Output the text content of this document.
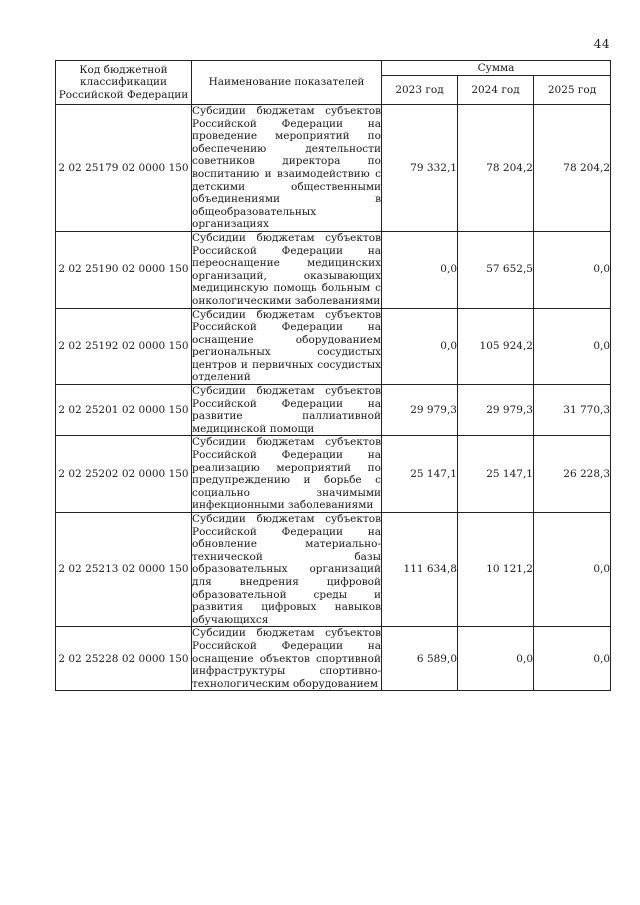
44
Код бюджетной классификации Российской Федерации	Наименование показателей	Сумма		
		2023 год	2024 год	2025 год
2 02 25179 02 0000 150	Субсидии бюджетам субъектов Российской Федерации на проведение мероприятий по обеспечению деятельности советников директора по воспитанию и взаимодействию с детскими общественными объединениями в общеобразовательных организациях	79 332,1	78 204,2	78 204,2
2 02 25190 02 0000 150	Субсидии бюджетам субъектов Российской Федерации на переоснащение медицинских организаций, оказывающих медицинскую помощь больным с онкологическими заболеваниями	0,0	57 652,5	0,0
2 02 25192 02 0000 150	Субсидии бюджетам субъектов Российской Федерации на оснащение оборудованием региональных сосудистых центров и первичных сосудистых отделений	0,0	105 924,2	0,0
2 02 25201 02 0000 150	Субсидии бюджетам субъектов Российской Федерации на развитие паллиативной медицинской помощи	29 979,3	29 979,3	31 770,3
2 02 25202 02 0000 150	Субсидии бюджетам субъектов Российской Федерации на реализацию мероприятий по предупреждению и борьбе с социально значимыми инфекционными заболеваниями	25 147,1	25 147,1	26 228,3
2 02 25213 02 0000 150	Субсидии бюджетам субъектов Российской Федерации на обновление материально-технической базы образовательных организаций для внедрения цифровой образовательной среды и развития цифровых навыков обучающихся	111 634,8	10 121,2	0,0
2 02 25228 02 0000 150	Субсидии бюджетам субъектов Российской Федерации на оснащение объектов спортивной инфраструктуры спортивно-технологическим оборудованием	6 589,0	0,0	0,0
